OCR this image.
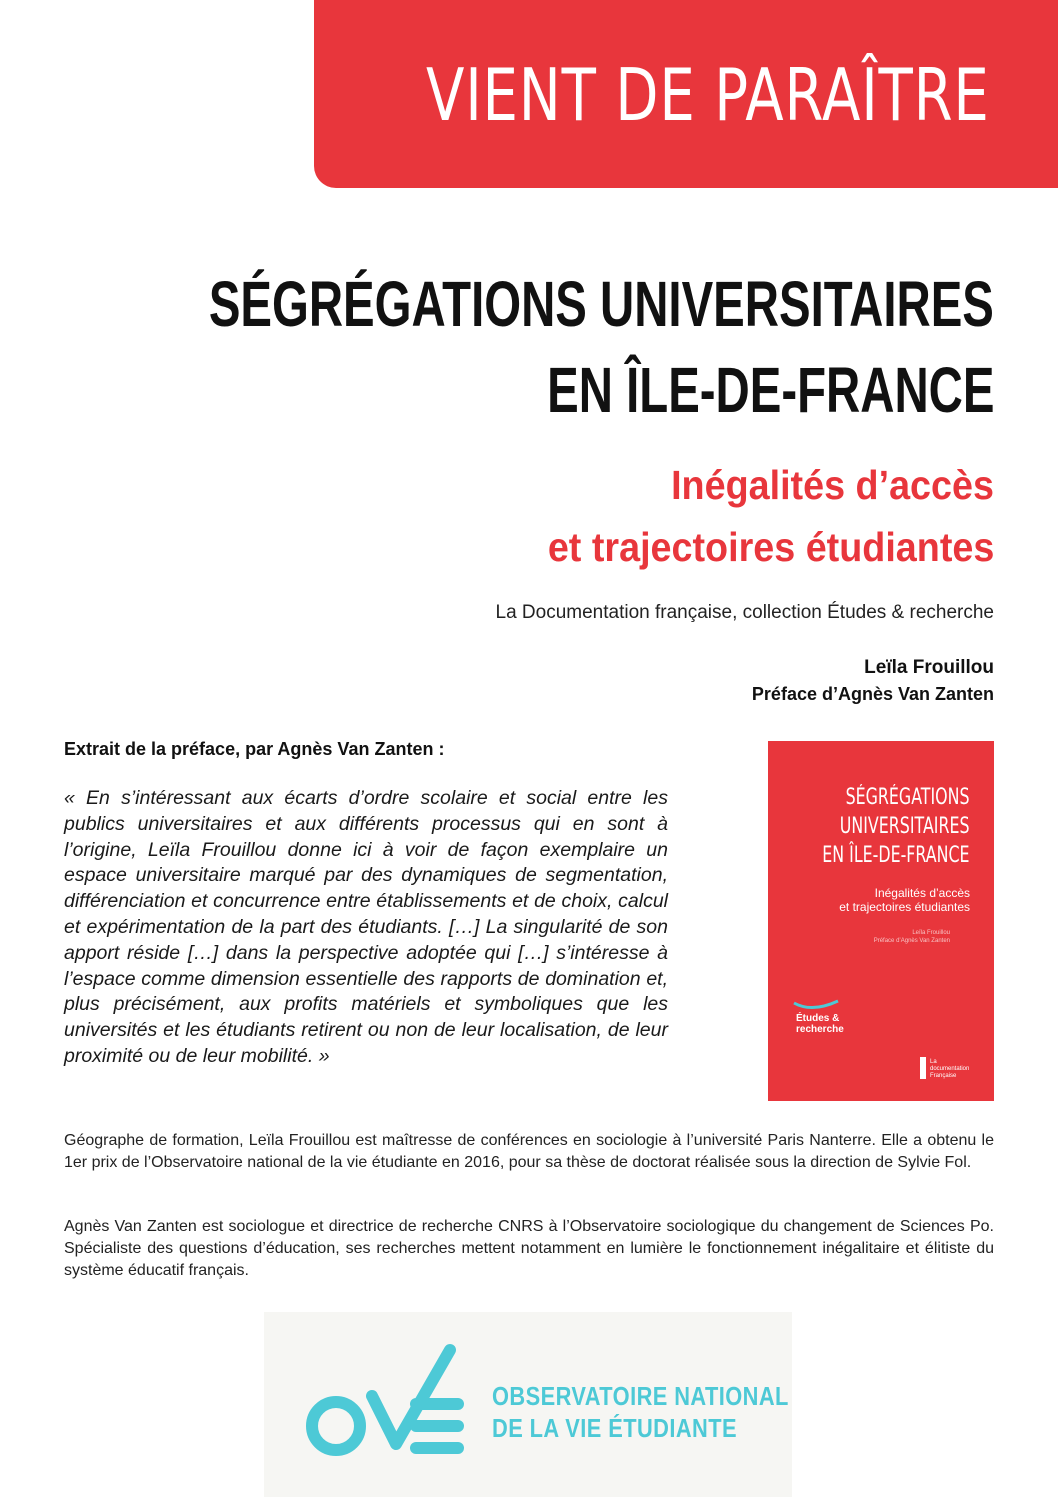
VIENT DE PARAÎTRE
SÉGRÉGATIONS UNIVERSITAIRES
EN ÎLE-DE-FRANCE
Inégalités d’accès
et trajectoires étudiantes
La Documentation française, collection Études & recherche
Leïla Frouillou
Préface d’Agnès Van Zanten
Extrait de la préface, par Agnès Van Zanten :

« En s’intéressant aux écarts d’ordre scolaire et social entre les publics universitaires et aux différents processus qui en sont à l’origine, Leïla Frouillou donne ici à voir de façon exemplaire un espace universitaire marqué par des dynamiques de segmentation, différenciation et concurrence entre établissements et de choix, calcul et expérimentation de la part des étudiants. […] La singularité de son apport réside […] dans la perspective adoptée qui […] s’intéresse à l’espace comme dimension essentielle des rapports de domination et, plus précisément, aux profits matériels et symboliques que les universités et les étudiants retirent ou non de leur localisation, de leur proximité ou de leur mobilité. »

SÉGRÉGATIONS
UNIVERSITAIRES
EN ÎLE-DE-FRANCE
Inégalités d’accès
et trajectoires étudiantes
Leïla Frouillou
Préface d’Agnès Van Zanten
Études &
recherche
La
documentation
Française

Géographe de formation, Leïla Frouillou est maîtresse de conférences en sociologie à l’université Paris Nanterre. Elle a obtenu le 1er prix de l’Observatoire national de la vie étudiante en 2016, pour sa thèse de doctorat réalisée sous la direction de Sylvie Fol.

Agnès Van Zanten est sociologue et directrice de recherche CNRS à l’Observatoire sociologique du changement de Sciences Po. Spécialiste des questions d’éducation, ses recherches mettent notamment en lumière le fonctionnement inégalitaire et élitiste du système éducatif français.

OBSERVATOIRE NATIONAL
DE LA VIE ÉTUDIANTE
